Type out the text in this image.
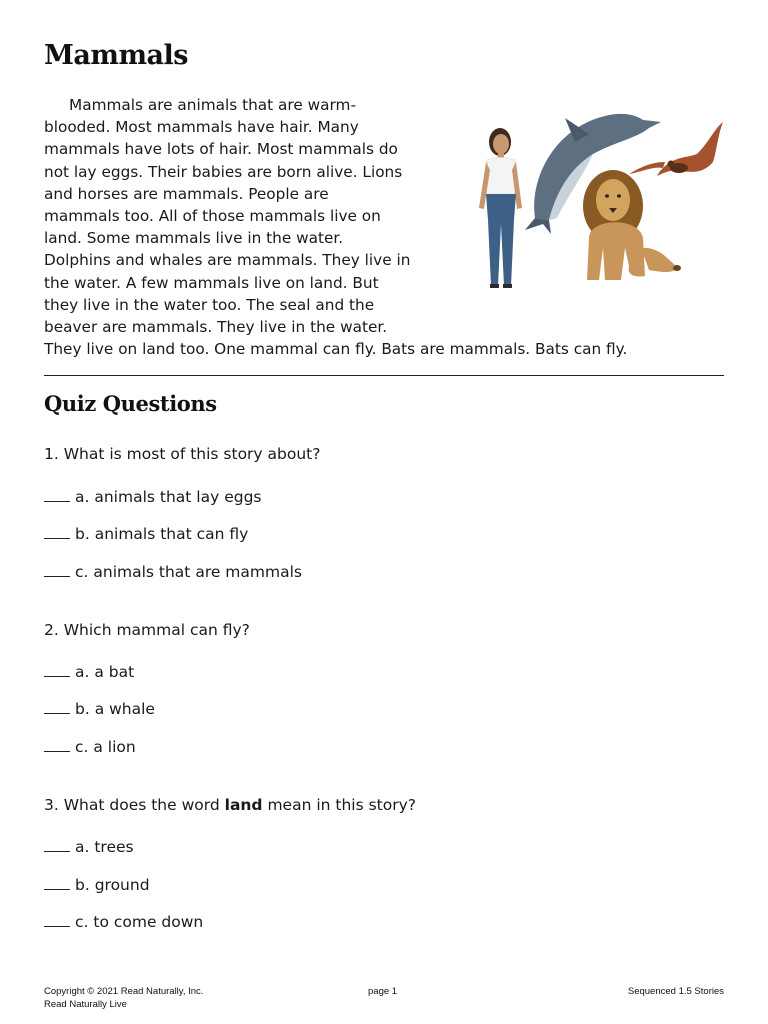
Mammals

Mammals are animals that are warm-
blooded. Most mammals have hair. Many
mammals have lots of hair. Most mammals do
not lay eggs. Their babies are born alive. Lions
and horses are mammals. People are
mammals too. All of those mammals live on
land. Some mammals live in the water.
Dolphins and whales are mammals. They live in
the water. A few mammals live on land. But
they live in the water too. The seal and the
beaver are mammals. They live in the water.
They live on land too. One mammal can fly. Bats are mammals. Bats can fly.

Quiz Questions

1. What is most of this story about?

a. animals that lay eggs

b. animals that can fly

c. animals that are mammals

2. Which mammal can fly?

a. a bat

b. a whale

c. a lion

3. What does the word land mean in this story?

a. trees

b. ground

c. to come down

Copyright © 2021 Read Naturally, Inc.
Read Naturally Live
page 1	Sequenced 1.5 Stories
